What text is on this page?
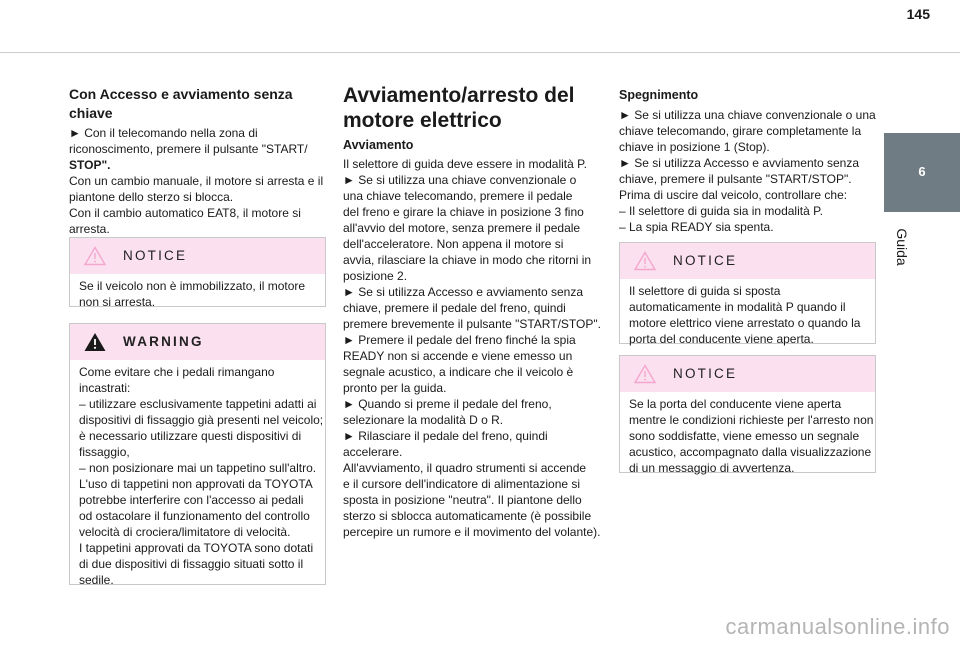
145
6
Guida
Con Accesso e avviamento senza
chiave
► Con il telecomando nella zona di
riconoscimento, premere il pulsante "START/
STOP".
Con un cambio manuale, il motore si arresta e il
piantone dello sterzo si blocca.
Con il cambio automatico EAT8, il motore si
arresta.
NOTICE
Se il veicolo non è immobilizzato, il motore
non si arresta.
WARNING
Come evitare che i pedali rimangano
incastrati:
– utilizzare esclusivamente tappetini adatti ai
dispositivi di fissaggio già presenti nel veicolo;
è necessario utilizzare questi dispositivi di
fissaggio,
– non posizionare mai un tappetino sull'altro.
L'uso di tappetini non approvati da TOYOTA
potrebbe interferire con l'accesso ai pedali
od ostacolare il funzionamento del controllo
velocità di crociera/limitatore di velocità.
I tappetini approvati da TOYOTA sono dotati
di due dispositivi di fissaggio situati sotto il
sedile.
Avviamento/arresto del
motore elettrico
Avviamento
Il selettore di guida deve essere in modalità P.
► Se si utilizza una chiave convenzionale o
una chiave telecomando, premere il pedale
del freno e girare la chiave in posizione 3 fino
all'avvio del motore, senza premere il pedale
dell'acceleratore. Non appena il motore si
avvia, rilasciare la chiave in modo che ritorni in
posizione 2.
► Se si utilizza Accesso e avviamento senza
chiave, premere il pedale del freno, quindi
premere brevemente il pulsante "START/STOP".
► Premere il pedale del freno finché la spia
READY non si accende e viene emesso un
segnale acustico, a indicare che il veicolo è
pronto per la guida.
► Quando si preme il pedale del freno,
selezionare la modalità D o R.
► Rilasciare il pedale del freno, quindi
accelerare.
All'avviamento, il quadro strumenti si accende
e il cursore dell'indicatore di alimentazione si
sposta in posizione "neutra". Il piantone dello
sterzo si sblocca automaticamente (è possibile
percepire un rumore e il movimento del volante).
Spegnimento
► Se si utilizza una chiave convenzionale o una
chiave telecomando, girare completamente la
chiave in posizione 1 (Stop).
► Se si utilizza Accesso e avviamento senza
chiave, premere il pulsante "START/STOP".
Prima di uscire dal veicolo, controllare che:
– Il selettore di guida sia in modalità P.
– La spia READY sia spenta.
NOTICE
Il selettore di guida si sposta
automaticamente in modalità P quando il
motore elettrico viene arrestato o quando la
porta del conducente viene aperta.
NOTICE
Se la porta del conducente viene aperta
mentre le condizioni richieste per l'arresto non
sono soddisfatte, viene emesso un segnale
acustico, accompagnato dalla visualizzazione
di un messaggio di avvertenza.
carmanualsonline.info
